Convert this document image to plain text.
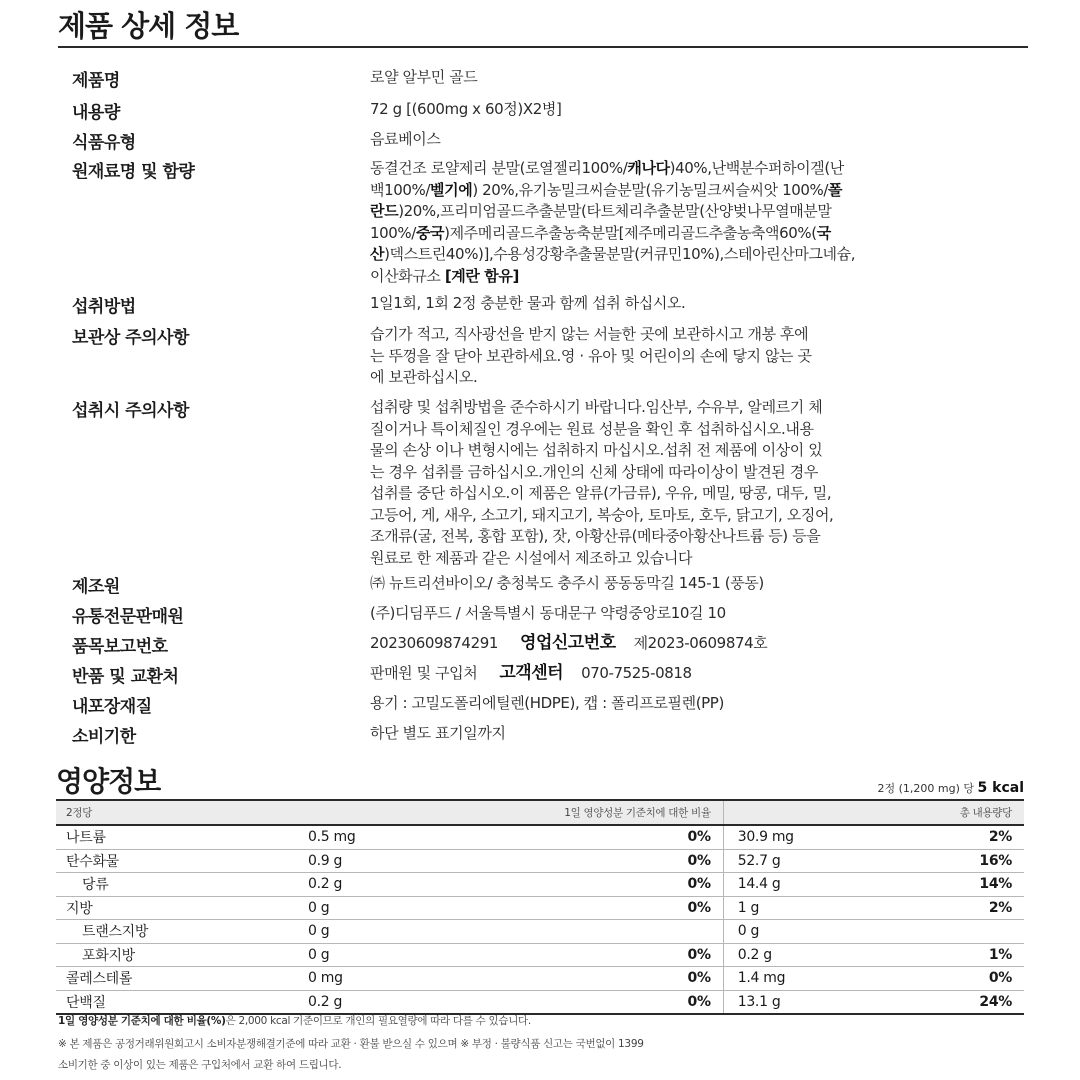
제품 상세 정보
제품명	로얄 알부민 골드
내용량	72 g [(600mg x 60정)X2병]
식품유형	음료베이스
원재료명 및 함량	동결건조 로얄제리 분말(로열젤리100%/캐나다)40%,난백분수퍼하이겔(난
백100%/벨기에) 20%,유기농밀크씨슬분말(유기농밀크씨슬씨앗 100%/폴
란드)20%,프리미엄골드추출분말(타트체리추출분말(산양벚나무열매분말
100%/중국)제주메리골드추출농축분말[제주메리골드추출농축액60%(국
산)덱스트린40%)],수용성강황추출물분말(커큐민10%),스테아린산마그네슘,
이산화규소 [계란 함유]
섭취방법	1일1회, 1회 2정 충분한 물과 함께 섭취 하십시오.
보관상 주의사항	습기가 적고, 직사광선을 받지 않는 서늘한 곳에 보관하시고 개봉 후에
는 뚜껑을 잘 닫아 보관하세요.영 · 유아 및 어린이의 손에 닿지 않는 곳
에 보관하십시오.
섭취시 주의사항	섭취량 및 섭취방법을 준수하시기 바랍니다.임산부, 수유부, 알레르기 체
질이거나 특이체질인 경우에는 원료 성분을 확인 후 섭취하십시오.내용
물의 손상 이나 변형시에는 섭취하지 마십시오.섭취 전 제품에 이상이 있
는 경우 섭취를 금하십시오.개인의 신체 상태에 따라이상이 발견된 경우
섭취를 중단 하십시오.이 제품은 알류(가금류), 우유, 메밀, 땅콩, 대두, 밀,
고등어, 게, 새우, 소고기, 돼지고기, 복숭아, 토마토, 호두, 닭고기, 오징어,
조개류(굴, 전복, 홍합 포함), 잣, 아황산류(메타중아황산나트륨 등) 등을
원료로 한 제품과 같은 시설에서 제조하고 있습니다
제조원	㈜ 뉴트리션바이오/ 충청북도 충주시 풍동동막길 145-1 (풍동)
유통전문판매원	(주)디딤푸드 / 서울특별시 동대문구 약령중앙로10길 10
품목보고번호	20230609874291 영업신고번호 제2023-0609874호
반품 및 교환처	판매원 및 구입처 고객센터 070-7525-0818
내포장재질	용기 : 고밀도폴리에틸렌(HDPE), 캡 : 폴리프로필렌(PP)
소비기한	하단 별도 표기일까지
영양정보	2정 (1,200 mg) 당 5 kcal
2정당	1일 영양성분 기준치에 대한 비율		총 내용량당	
나트륨	0.5 mg	0%	30.9 mg	2%
탄수화물	0.9 g	0%	52.7 g	16%
당류	0.2 g	0%	14.4 g	14%
지방	0 g	0%	1 g	2%
트랜스지방	0 g		0 g	
포화지방	0 g	0%	0.2 g	1%
콜레스테롤	0 mg	0%	1.4 mg	0%
단백질	0.2 g	0%	13.1 g	24%

1일 영양성분 기준치에 대한 비율(%)은 2,000 kcal 기준이므로 개인의 필요열량에 따라 다를 수 있습니다.

※ 본 제품은 공정거래위원회고시 소비자분쟁해결기준에 따라 교환 · 환불 받으실 수 있으며 ※ 부정 · 불량식품 신고는 국번없이 1399

소비기한 중 이상이 있는 제품은 구입처에서 교환 하여 드립니다.
